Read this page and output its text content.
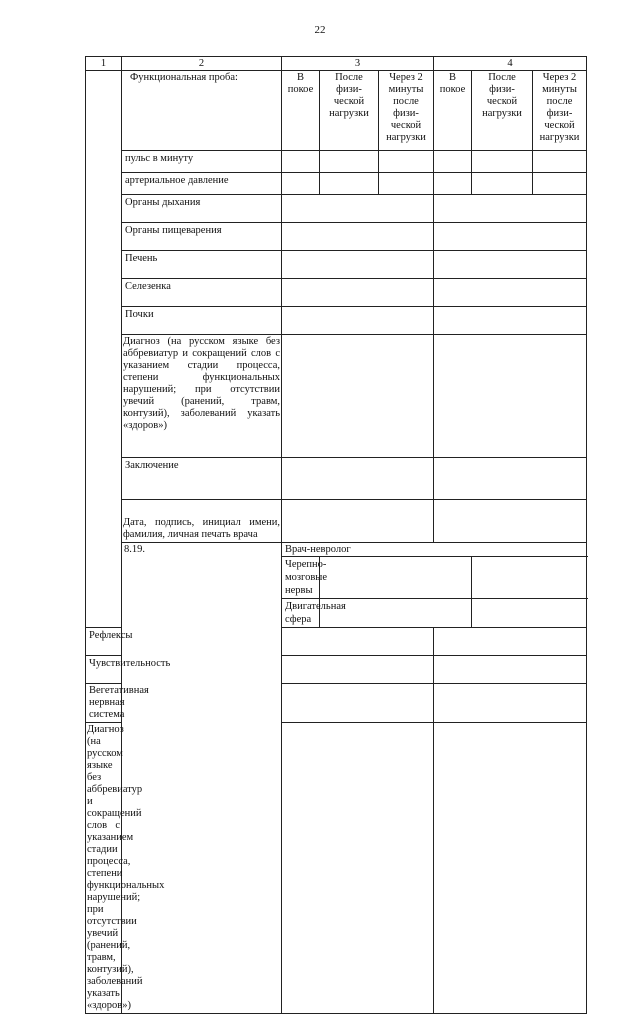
22
1	2	3			4		
	Функциональная проба:	В покое	После физи-ческой нагрузки	Через 2 минуты после физи-ческой нагрузки	В покое	После физи-ческой нагрузки	Через 2 минуты после физи-ческой нагрузки
	пульс в минуту						
	артериальное давление						
	Органы дыхания						
	Органы пищеварения						
	Печень						
	Селезенка						
	Почки						
	Диагноз (на русском языке без аббревиатур и сокращений слов с указанием стадии процесса, степени функциональных нарушений; при отсутствии увечий (ранений, травм, контузий), заболеваний указать «здоров»)						
	Заключение						
	Дата, подпись, инициал имени, фамилия, личная печать врача						
	8.19.	Врач-невролог					
		Черепно-мозговые нервы					
		Двигательная сфера					
Рефлексы							
Чувствительность							
Вегетативная нервная система							
Диагноз (на русском языке без аббревиатур и сокращений слов с указанием стадии процесса, степени функциональных нарушений; при отсутствии увечий (ранений, травм, контузий), заболеваний указать «здоров»)							
